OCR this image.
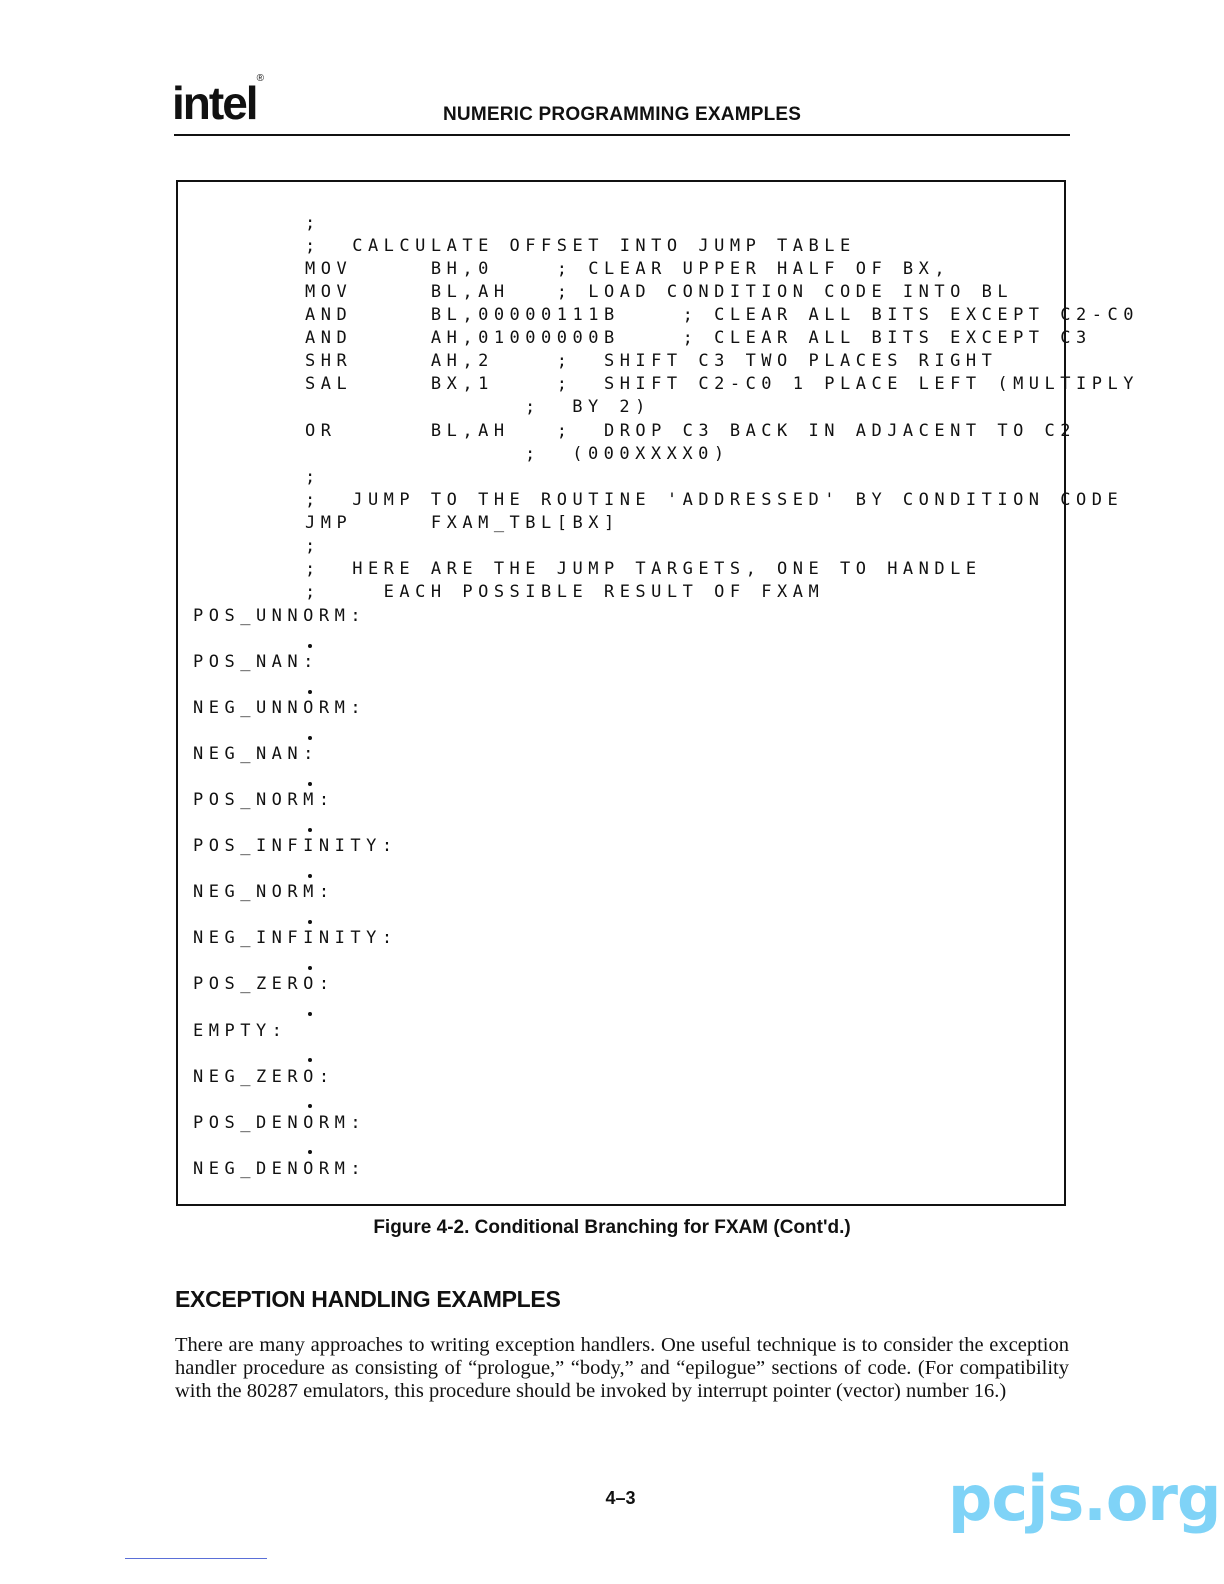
intel®
NUMERIC PROGRAMMING EXAMPLES
;
;  CALCULATE OFFSET INTO JUMP TABLE
MOV     BH,0    ; CLEAR UPPER HALF OF BX,
MOV     BL,AH   ; LOAD CONDITION CODE INTO BL
AND     BL,00000111B    ; CLEAR ALL BITS EXCEPT C2-C0
AND     AH,01000000B    ; CLEAR ALL BITS EXCEPT C3
SHR     AH,2    ;  SHIFT C3 TWO PLACES RIGHT
SAL     BX,1    ;  SHIFT C2-C0 1 PLACE LEFT (MULTIPLY
;  BY 2)
OR      BL,AH   ;  DROP C3 BACK IN ADJACENT TO C2
;  (000XXXX0)
;
;  JUMP TO THE ROUTINE 'ADDRESSED' BY CONDITION CODE
JMP     FXAM_TBL[BX]
;
;  HERE ARE THE JUMP TARGETS, ONE TO HANDLE
;    EACH POSSIBLE RESULT OF FXAM
POS_UNNORM:
POS_NAN:
NEG_UNNORM:
NEG_NAN:
POS_NORM:
POS_INFINITY:
NEG_NORM:
NEG_INFINITY:
POS_ZERO:
EMPTY:
NEG_ZERO:
POS_DENORM:
NEG_DENORM:
Figure 4-2. Conditional Branching for FXAM (Cont'd.)
EXCEPTION HANDLING EXAMPLES
There are many approaches to writing exception handlers. One useful technique is to consider the exception handler procedure as consisting of “prologue,” “body,” and “epilogue” sections of code. (For compatibility with the 80287 emulators, this procedure should be invoked by interrupt pointer (vector) number 16.)
4–3	pcjs.org
